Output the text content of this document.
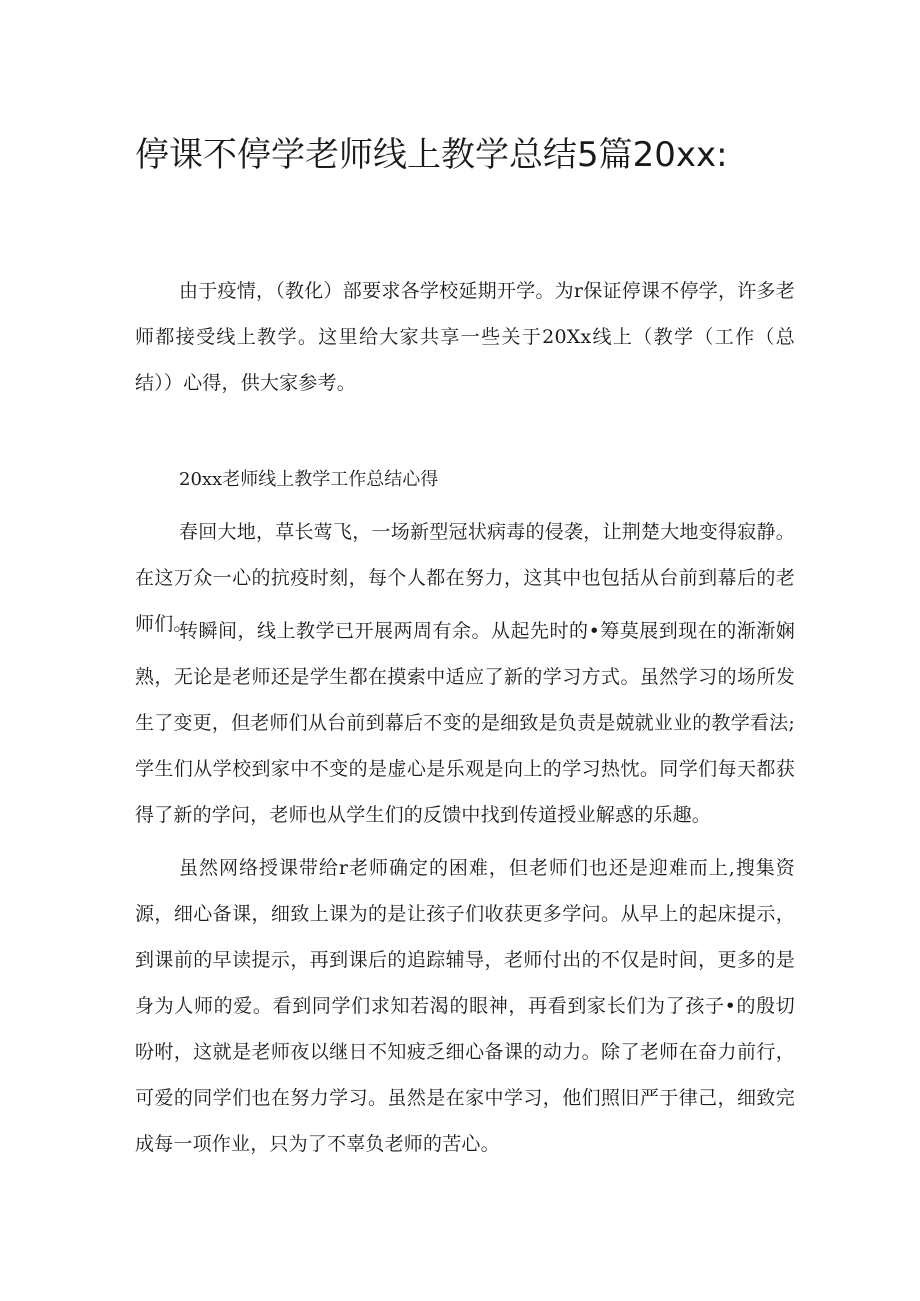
停课不停学老师线上教学总结5篇20xx:

由于疫情，（教化）部要求各学校延期开学。为r保证停课不停学，许多老师都接受线上教学。这里给大家共享一些关于20Xx线上（教学（工作（总结））心得，供大家参考。

20xx老师线上教学工作总结心得

春回大地，草长莺飞，一场新型冠状病毒的侵袭，让荆楚大地变得寂静。在这万众一心的抗疫时刻，每个人都在努力，这其中也包括从台前到幕后的老师们。

转瞬间，线上教学已开展两周有余。从起先时的•筹莫展到现在的渐渐娴熟，无论是老师还是学生都在摸索中适应了新的学习方式。虽然学习的场所发生了变更，但老师们从台前到幕后不变的是细致是负责是兢就业业的教学看法;学生们从学校到家中不变的是虚心是乐观是向上的学习热忱。同学们每天都获得了新的学问，老师也从学生们的反馈中找到传道授业解惑的乐趣。

虽然网络授课带给r老师确定的困难，但老师们也还是迎难而上,搜集资源，细心备课，细致上课为的是让孩子们收获更多学问。从早上的起床提示，到课前的早读提示，再到课后的追踪辅导，老师付出的不仅是时间，更多的是身为人师的爱。看到同学们求知若渴的眼神，再看到家长们为了孩子•的殷切吩咐，这就是老师夜以继日不知疲乏细心备课的动力。除了老师在奋力前行，可爱的同学们也在努力学习。虽然是在家中学习，他们照旧严于律己，细致完成每一项作业，只为了不辜负老师的苦心。
